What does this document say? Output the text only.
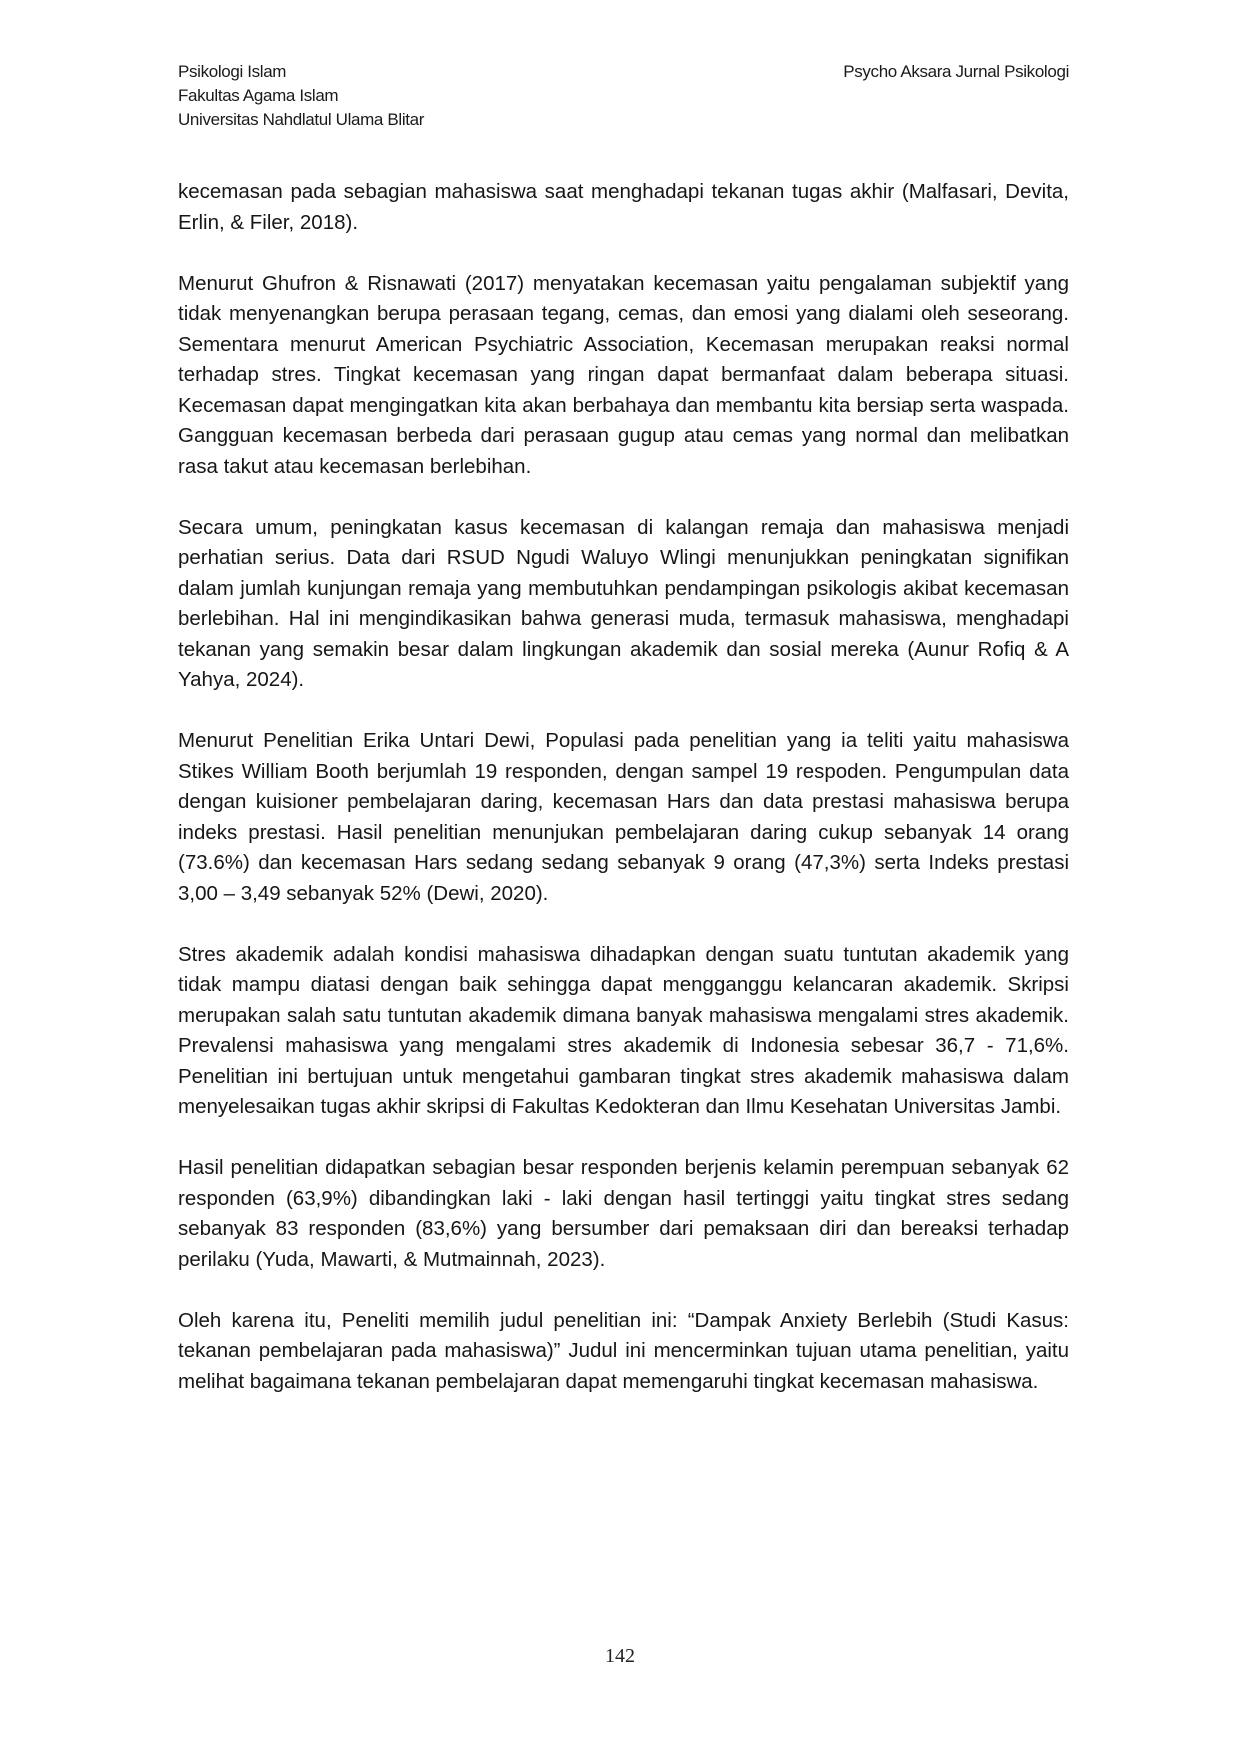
Psikologi Islam
Fakultas Agama Islam
Universitas Nahdlatul Ulama Blitar
Psycho Aksara Jurnal Psikologi

kecemasan pada sebagian mahasiswa saat menghadapi tekanan tugas akhir (Malfasari, Devita, Erlin, & Filer, 2018).

Menurut Ghufron & Risnawati (2017) menyatakan kecemasan yaitu pengalaman subjektif yang tidak menyenangkan berupa perasaan tegang, cemas, dan emosi yang dialami oleh seseorang. Sementara menurut American Psychiatric Association, Kecemasan merupakan reaksi normal terhadap stres. Tingkat kecemasan yang ringan dapat bermanfaat dalam beberapa situasi. Kecemasan dapat mengingatkan kita akan berbahaya dan membantu kita bersiap serta waspada. Gangguan kecemasan berbeda dari perasaan gugup atau cemas yang normal dan melibatkan rasa takut atau kecemasan berlebihan.

Secara umum, peningkatan kasus kecemasan di kalangan remaja dan mahasiswa menjadi perhatian serius. Data dari RSUD Ngudi Waluyo Wlingi menunjukkan peningkatan signifikan dalam jumlah kunjungan remaja yang membutuhkan pendampingan psikologis akibat kecemasan berlebihan. Hal ini mengindikasikan bahwa generasi muda, termasuk mahasiswa, menghadapi tekanan yang semakin besar dalam lingkungan akademik dan sosial mereka (Aunur Rofiq & A Yahya, 2024).

Menurut Penelitian Erika Untari Dewi, Populasi pada penelitian yang ia teliti yaitu mahasiswa Stikes William Booth berjumlah 19 responden, dengan sampel 19 respoden. Pengumpulan data dengan kuisioner pembelajaran daring, kecemasan Hars dan data prestasi mahasiswa berupa indeks prestasi. Hasil penelitian menunjukan pembelajaran daring cukup sebanyak 14 orang (73.6%) dan kecemasan Hars sedang sedang sebanyak 9 orang (47,3%) serta Indeks prestasi 3,00 – 3,49 sebanyak 52% (Dewi, 2020).

Stres akademik adalah kondisi mahasiswa dihadapkan dengan suatu tuntutan akademik yang tidak mampu diatasi dengan baik sehingga dapat mengganggu kelancaran akademik. Skripsi merupakan salah satu tuntutan akademik dimana banyak mahasiswa mengalami stres akademik. Prevalensi mahasiswa yang mengalami stres akademik di Indonesia sebesar 36,7 - 71,6%. Penelitian ini bertujuan untuk mengetahui gambaran tingkat stres akademik mahasiswa dalam menyelesaikan tugas akhir skripsi di Fakultas Kedokteran dan Ilmu Kesehatan Universitas Jambi.

Hasil penelitian didapatkan sebagian besar responden berjenis kelamin perempuan sebanyak 62 responden (63,9%) dibandingkan laki - laki dengan hasil tertinggi yaitu tingkat stres sedang sebanyak 83 responden (83,6%) yang bersumber dari pemaksaan diri dan bereaksi terhadap perilaku (Yuda, Mawarti, & Mutmainnah, 2023).

Oleh karena itu, Peneliti memilih judul penelitian ini: “Dampak Anxiety Berlebih (Studi Kasus: tekanan pembelajaran pada mahasiswa)” Judul ini mencerminkan tujuan utama penelitian, yaitu melihat bagaimana tekanan pembelajaran dapat memengaruhi tingkat kecemasan mahasiswa.

142
